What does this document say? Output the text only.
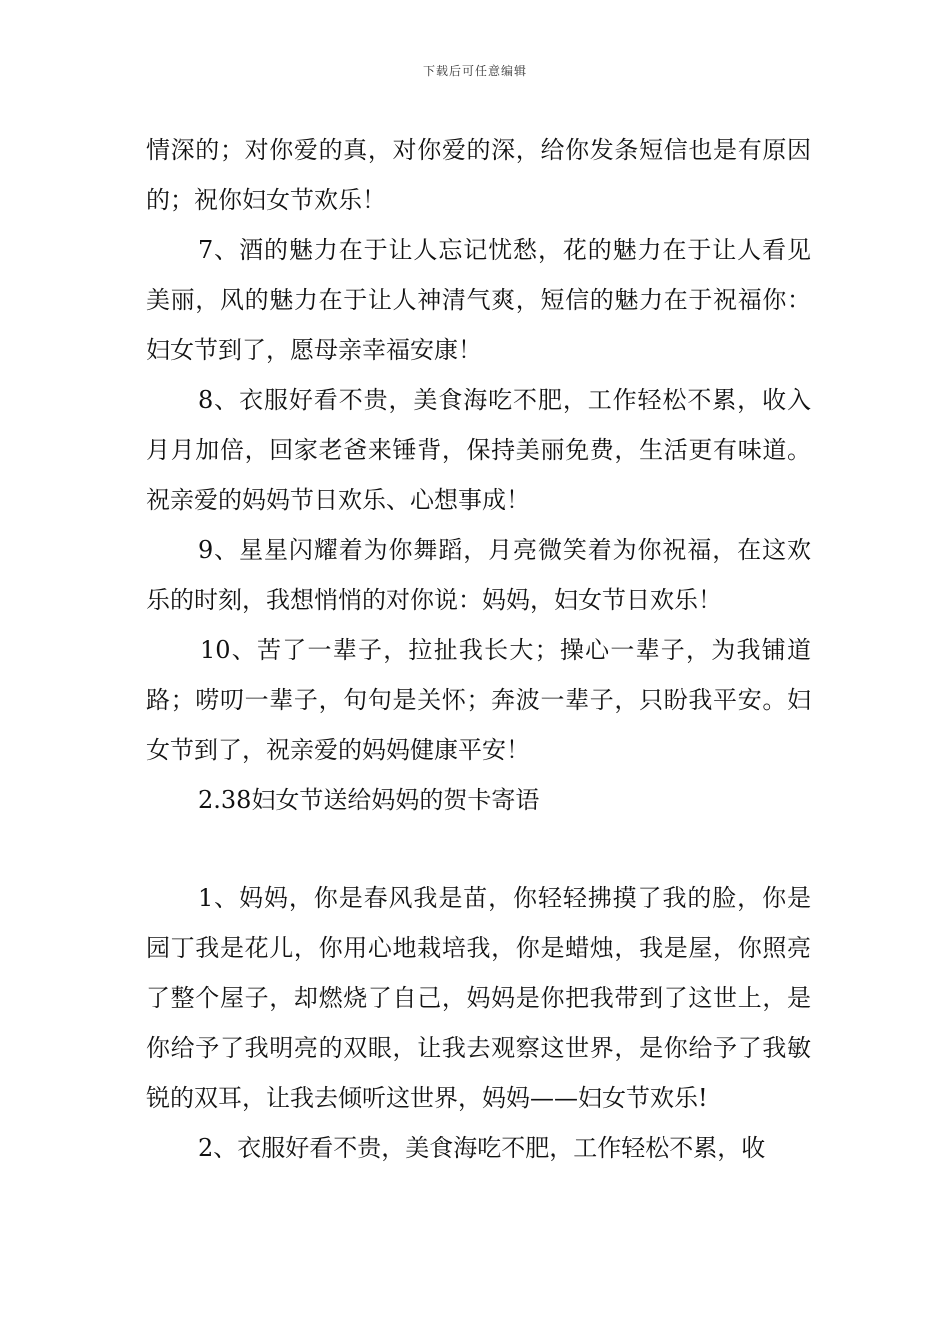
下载后可任意编辑

情深的；对你爱的真，对你爱的深，给你发条短信也是有原因的；祝你妇女节欢乐！

7、酒的魅力在于让人忘记忧愁，花的魅力在于让人看见美丽，风的魅力在于让人神清气爽，短信的魅力在于祝福你：妇女节到了，愿母亲幸福安康！

8、衣服好看不贵，美食海吃不肥，工作轻松不累，收入月月加倍，回家老爸来锤背，保持美丽免费，生活更有味道。祝亲爱的妈妈节日欢乐、心想事成！

9、星星闪耀着为你舞蹈，月亮微笑着为你祝福，在这欢乐的时刻，我想悄悄的对你说：妈妈，妇女节日欢乐！

10、苦了一辈子，拉扯我长大；操心一辈子，为我铺道路；唠叨一辈子，句句是关怀；奔波一辈子，只盼我平安。妇女节到了，祝亲爱的妈妈健康平安！

2.38妇女节送给妈妈的贺卡寄语

1、妈妈，你是春风我是苗，你轻轻拂摸了我的脸，你是园丁我是花儿，你用心地栽培我，你是蜡烛，我是屋，你照亮了整个屋子，却燃烧了自己，妈妈是你把我带到了这世上，是你给予了我明亮的双眼，让我去观察这世界，是你给予了我敏锐的双耳，让我去倾听这世界，妈妈——妇女节欢乐!

2、衣服好看不贵，美食海吃不肥，工作轻松不累，收
